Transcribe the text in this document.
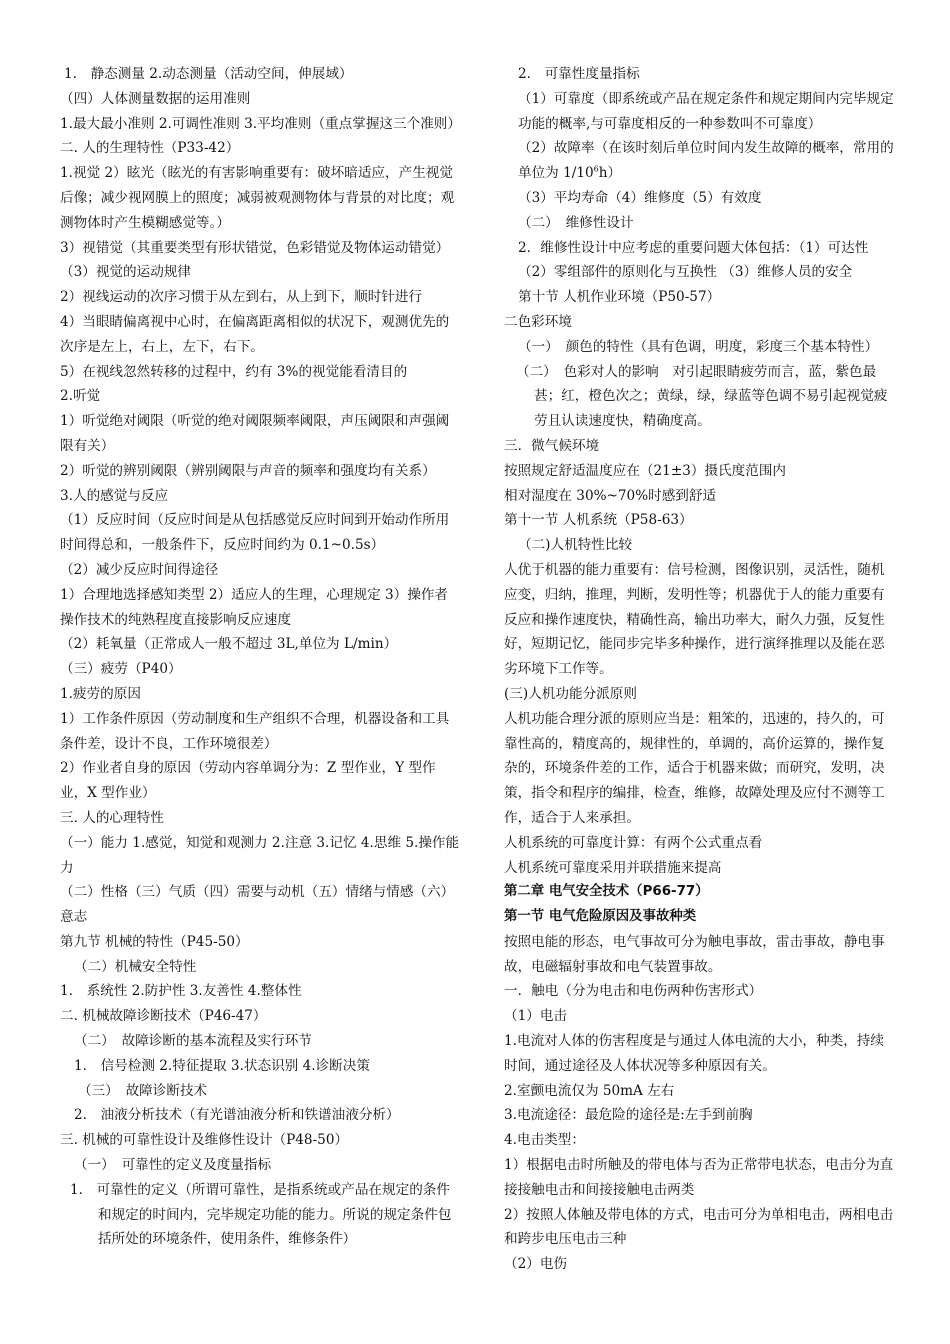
1.　静态测量 2.动态测量（活动空间，伸展域）

（四）人体测量数据的运用准则

1.最大最小准则 2.可调性准则 3.平均准则（重点掌握这三个准则）

二. 人的生理特性（P33-42）

1.视觉 2）眩光（眩光的有害影响重要有：破坏暗适应，产生视觉后像；减少视网膜上的照度；减弱被观测物体与背景的对比度；观测物体时产生模糊感觉等。）

3）视错觉（其重要类型有形状错觉，色彩错觉及物体运动错觉）

（3）视觉的运动规律

2）视线运动的次序习惯于从左到右，从上到下，顺时针进行

4）当眼睛偏离视中心时，在偏离距离相似的状况下，观测优先的次序是左上，右上，左下，右下。

5）在视线忽然转移的过程中，约有 3%的视觉能看清目的

2.听觉

1）听觉绝对阈限（听觉的绝对阈限频率阈限，声压阈限和声强阈限有关）

2）听觉的辨别阈限（辨别阈限与声音的频率和强度均有关系）

3.人的感觉与反应

（1）反应时间（反应时间是从包括感觉反应时间到开始动作所用时间得总和，一般条件下，反应时间约为 0.1~0.5s）

（2）减少反应时间得途径

1）合理地选择感知类型 2）适应人的生理，心理规定 3）操作者操作技术的纯熟程度直接影响反应速度

（2）耗氧量（正常成人一般不超过 3L,单位为 L/min）

（三）疲劳（P40）

1.疲劳的原因

1）工作条件原因（劳动制度和生产组织不合理，机器设备和工具条件差，设计不良，工作环境很差）

2）作业者自身的原因（劳动内容单调分为：Z 型作业，Y 型作业，X 型作业）

三. 人的心理特性

（一）能力 1.感觉，知觉和观测力 2.注意 3.记忆 4.思维 5.操作能力

（二）性格（三）气质（四）需要与动机（五）情绪与情感（六）意志

第九节 机械的特性（P45-50）

（二）机械安全特性

1.　系统性 2.防护性 3.友善性 4.整体性

二. 机械故障诊断技术（P46-47）

（二）　故障诊断的基本流程及实行环节

1.　信号检测 2.特征提取 3.状态识别 4.诊断决策

（三）　故障诊断技术

2.　油液分析技术（有光谱油液分析和铁谱油液分析）

三. 机械的可靠性设计及维修性设计（P48-50）

（一）　可靠性的定义及度量指标

1.　可靠性的定义（所谓可靠性，是指系统或产品在规定的条件和规定的时间内，完毕规定功能的能力。所说的规定条件包括所处的环境条件，使用条件，维修条件）

2.　可靠性度量指标

（1）可靠度（即系统或产品在规定条件和规定期间内完毕规定功能的概率,与可靠度相反的一种参数叫不可靠度）

（2）故障率（在该时刻后单位时间内发生故障的概率，常用的单位为 $1/10^6h$）

（3）平均寿命（4）维修度（5）有效度

（二）　维修性设计

2．维修性设计中应考虑的重要问题大体包括：（1）可达性（2）零组部件的原则化与互换性 （3）维修人员的安全

第十节 人机作业环境（P50-57）

二色彩环境

（一）　颜色的特性（具有色调，明度，彩度三个基本特性）

（二）　色彩对人的影响　对引起眼睛疲劳而言，蓝，紫色最甚；红，橙色次之；黄绿，绿，绿蓝等色调不易引起视觉疲劳且认读速度快，精确度高。

三．微气候环境

按照规定舒适温度应在（21±3）摄氏度范围内

相对湿度在 30%~70%时感到舒适

第十一节 人机系统（P58-63）

（二)人机特性比较

人优于机器的能力重要有：信号检测，图像识别，灵活性，随机应变，归纳，推理，判断，发明性等；机器优于人的能力重要有反应和操作速度快，精确性高，输出功率大，耐久力强，反复性好，短期记忆，能同步完毕多种操作，进行演绎推理以及能在恶劣环境下工作等。

(三)人机功能分派原则

人机功能合理分派的原则应当是：粗笨的，迅速的，持久的，可靠性高的，精度高的，规律性的，单调的，高价运算的，操作复杂的，环境条件差的工作，适合于机器来做；而研究，发明，决策，指令和程序的编排，检查，维修，故障处理及应付不测等工作，适合于人来承担。

人机系统的可靠度计算：有两个公式重点看

人机系统可靠度采用并联措施来提高

第二章 电气安全技术（P66-77）

第一节 电气危险原因及事故种类

按照电能的形态，电气事故可分为触电事故，雷击事故，静电事故，电磁辐射事故和电气装置事故。

一．触电（分为电击和电伤两种伤害形式）

（1）电击

1.电流对人体的伤害程度是与通过人体电流的大小，种类，持续时间，通过途径及人体状况等多种原因有关。

2.室颤电流仅为 50mA 左右

3.电流途径：最危险的途径是:左手到前胸

4.电击类型：

1）根据电击时所触及的带电体与否为正常带电状态，电击分为直接接触电击和间接接触电击两类

2）按照人体触及带电体的方式，电击可分为单相电击，两相电击和跨步电压电击三种

（2）电伤
